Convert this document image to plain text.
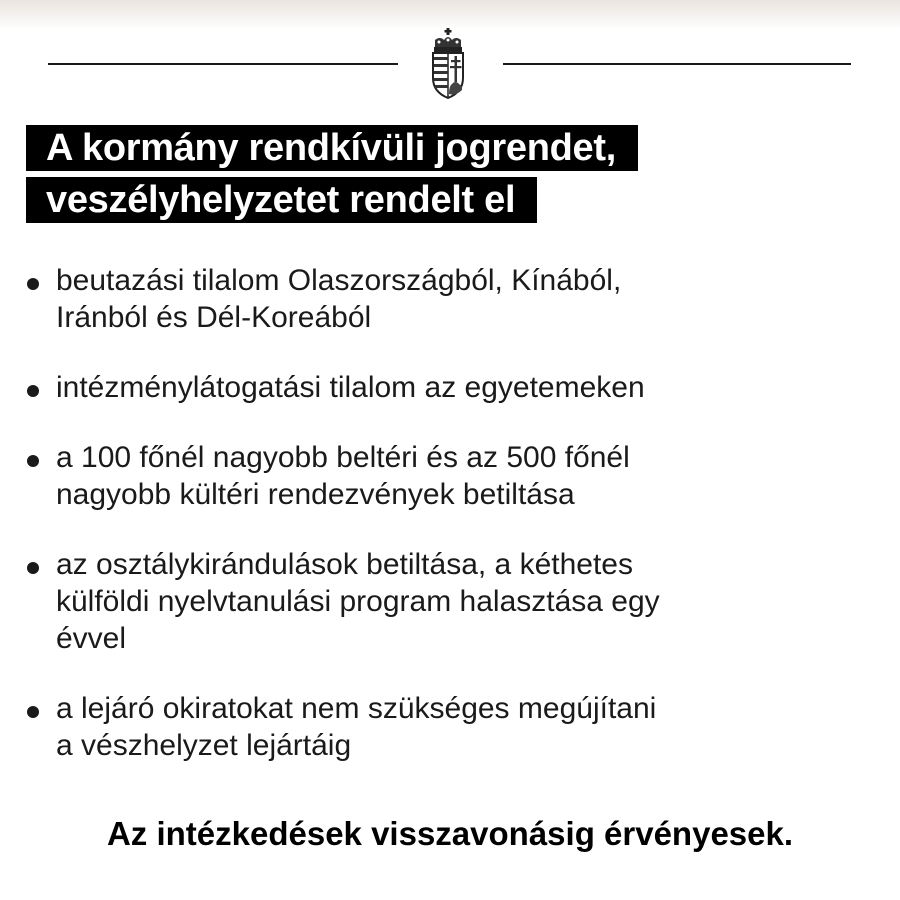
A kormány rendkívüli jogrendet,
veszélyhelyzetet rendelt el
beutazási tilalom Olaszországból, Kínából,
Iránból és Dél-Koreából
intézménylátogatási tilalom az egyetemeken
a 100 főnél nagyobb beltéri és az 500 főnél
nagyobb kültéri rendezvények betiltása
az osztálykirándulások betiltása, a kéthetes
külföldi nyelvtanulási program halasztása egy
évvel
a lejáró okiratokat nem szükséges megújítani
a vészhelyzet lejártáig
Az intézkedések visszavonásig érvényesek.
